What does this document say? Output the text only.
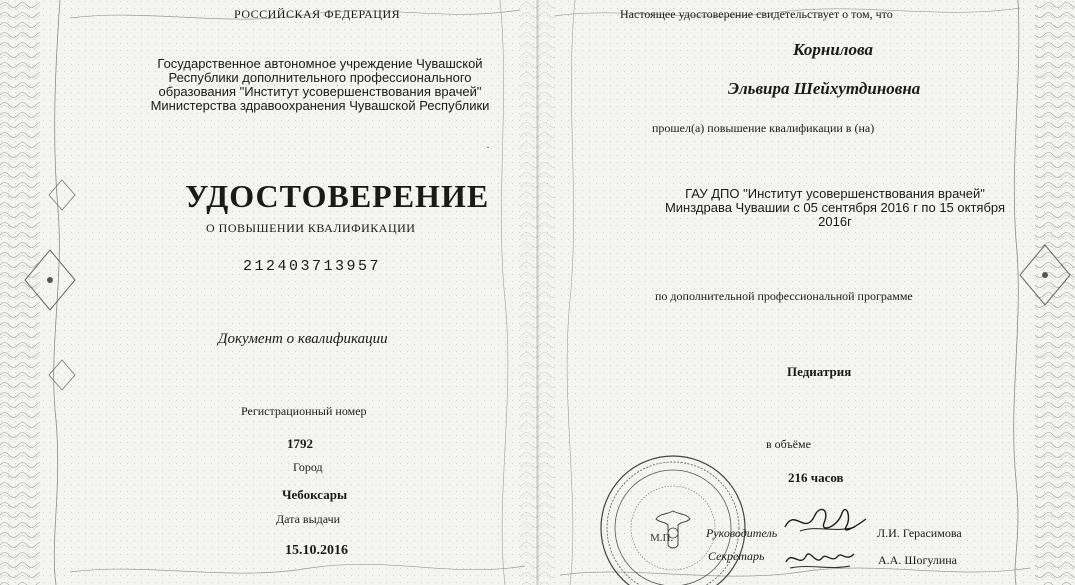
РОССИЙСКАЯ ФЕДЕРАЦИЯ
Государственное автономное учреждение Чувашской
Республики дополнительного профессионального
образования "Институт усовершенствования врачей"
Министерства здравоохранения Чувашской Республики
УДОСТОВЕРЕНИЕ
О ПОВЫШЕНИИ КВАЛИФИКАЦИИ
212403713957
Документ о квалификации
Регистрационный номер
1792
Город
Чебоксары
Дата выдачи
15.10.2016
·
Настоящее удостоверение свидетельствует о том, что
Корнилова
Эльвира Шейхутдиновна
прошел(а) повышение квалификации в (на)
ГАУ ДПО "Институт усовершенствования врачей"
Минздрава Чувашии с 05 сентября 2016 г по 15 октября
2016г
по дополнительной профессиональной программе
Педиатрия
в объёме
216 часов
М.П.	Руководитель	Л.И. Герасимова
Секретарь	А.А. Шогулина
